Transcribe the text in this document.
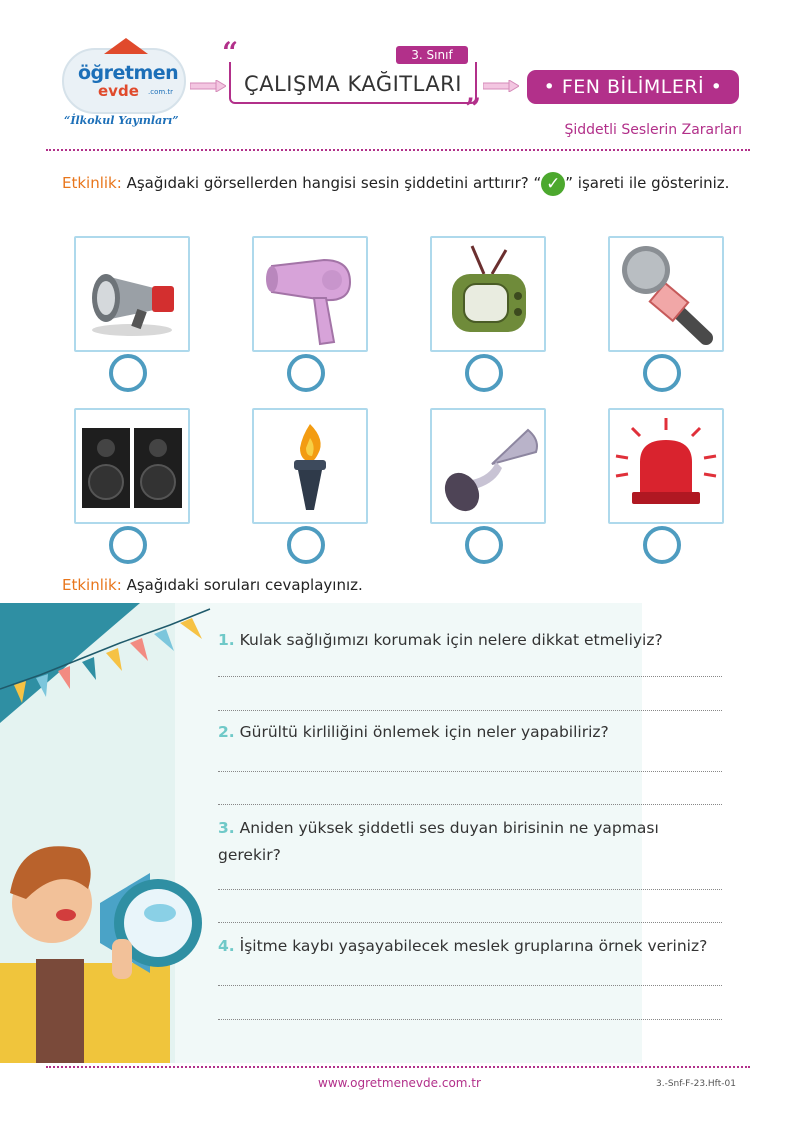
öğretmen
evde .com.tr
“İlkokul Yayınları”
“	3. Sınıf
ÇALIŞMA KAĞITLARI
”
• FEN BİLİMLERİ •
Şiddetli Seslerin Zararları
Etkinlik: Aşağıdaki görsellerden hangisi sesin şiddetini arttırır? “ ✓ ” işareti ile gösteriniz.
Etkinlik: Aşağıdaki soruları cevaplayınız.
1. Kulak sağlığımızı korumak için nelere dikkat etmeliyiz?
2. Gürültü kirliliğini önlemek için neler yapabiliriz?
3. Aniden yüksek şiddetli ses duyan birisinin ne yapması gerekir?
4. İşitme kaybı yaşayabilecek meslek gruplarına örnek veriniz?
www.ogretmenevde.com.tr	3.-Snf-F-23.Hft-01
